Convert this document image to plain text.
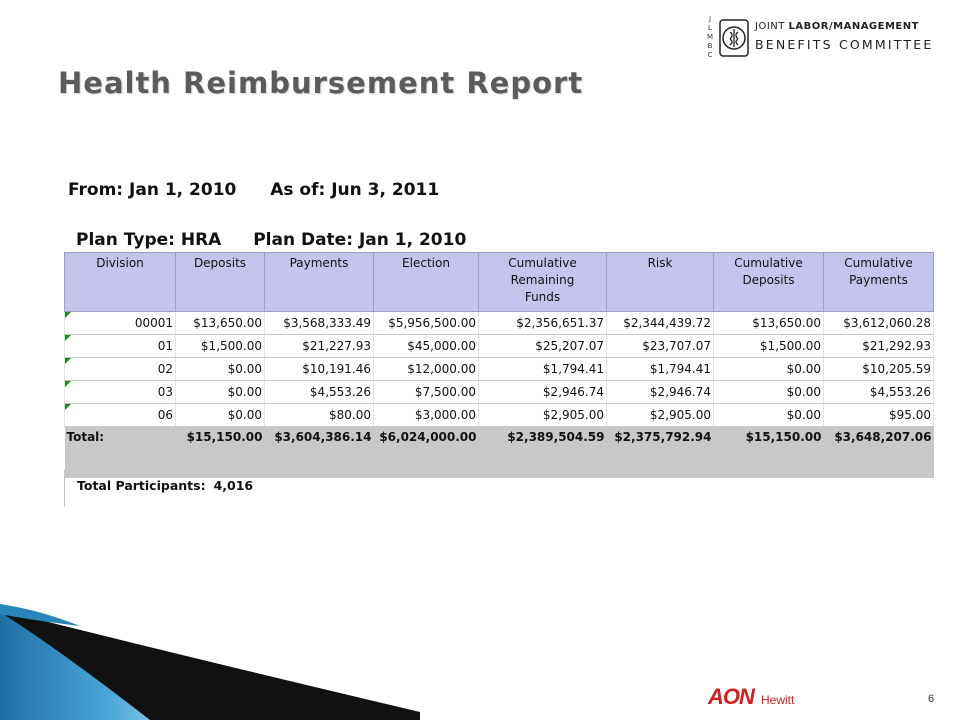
Health Reimbursement Report
J
L
M
B
C
JOINT LABOR/MANAGEMENT
BENEFITS COMMITTEE
From: Jan 1, 2010 As of: Jun 3, 2011
Plan Type: HRA Plan Date: Jan 1, 2010
Division	Deposits	Payments	Election	Cumulative Remaining Funds	Risk	Cumulative Deposits	Cumulative Payments

00001	$13,650.00	$3,568,333.49	$5,956,500.00	$2,356,651.37	$2,344,439.72	$13,650.00	$3,612,060.28

01	$1,500.00	$21,227.93	$45,000.00	$25,207.07	$23,707.07	$1,500.00	$21,292.93

02	$0.00	$10,191.46	$12,000.00	$1,794.41	$1,794.41	$0.00	$10,205.59

03	$0.00	$4,553.26	$7,500.00	$2,946.74	$2,946.74	$0.00	$4,553.26

06	$0.00	$80.00	$3,000.00	$2,905.00	$2,905.00	$0.00	$95.00
Total:	$15,150.00	$3,604,386.14	$6,024,000.00	$2,389,504.59	$2,375,792.94	$15,150.00	$3,648,207.06

Total Participants: 4,016
AON Hewitt	6
